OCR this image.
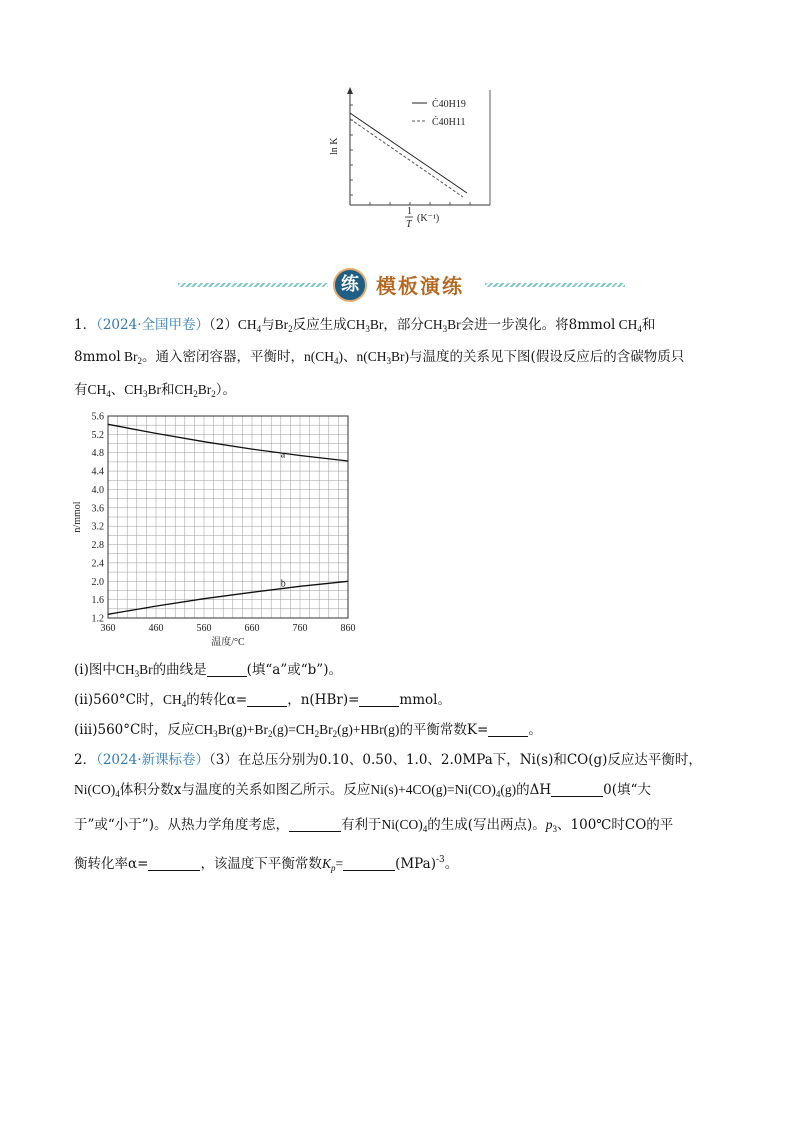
Ċ40H19
Ċ40H11
ln K
1
T
(K⁻¹)
练 模板演练
1．（2024·全国甲卷）$(2)CH_4$与$Br_2$反应生成$CH_3Br$，部分$CH_3Br$会进一步溴化。将8mmol $CH_4$和
8mmol $Br_2$。通入密闭容器，平衡时，$n(CH_4)$、$n(CH_3Br)$与温度的关系见下图(假设反应后的含碳物质只
有$CH_4$、$CH_3Br$和$CH_2Br_2$）。
1.2
1.6
2.0
2.4
2.8
3.2
3.6
4.0
4.4
4.8
5.2
5.6
360	460	560	660	760	860
温度/°C
n/mmol
a
b
(i)图中$CH_3Br$的曲线是	(填“a”或“b”)。
(ii)560°C时，$CH_4$的转化α=	，n(HBr)=	mmol。
(iii)560°C时，反应$CH_3Br(g)+Br_2(g)=CH_2Br_2(g)+HBr(g)$的平衡常数K=	。
2．（2024·新课标卷）（3）在总压分别为0.10、0.50、1.0、2.0MPa下，Ni(s)和CO(g)反应达平衡时，
$Ni(CO)_4$体积分数x与温度的关系如图乙所示。反应$Ni(s)+4CO(g)=Ni(CO)_4(g)$的ΔH	0(填“大
于”或“小于”)。从热力学角度考虑，	有利于$Ni(CO)_4$的生成(写出两点)。$p_3$、100℃时CO的平
衡转化率α=	，该温度下平衡常数$K_p=$	(MPa)$^{-3}$。
